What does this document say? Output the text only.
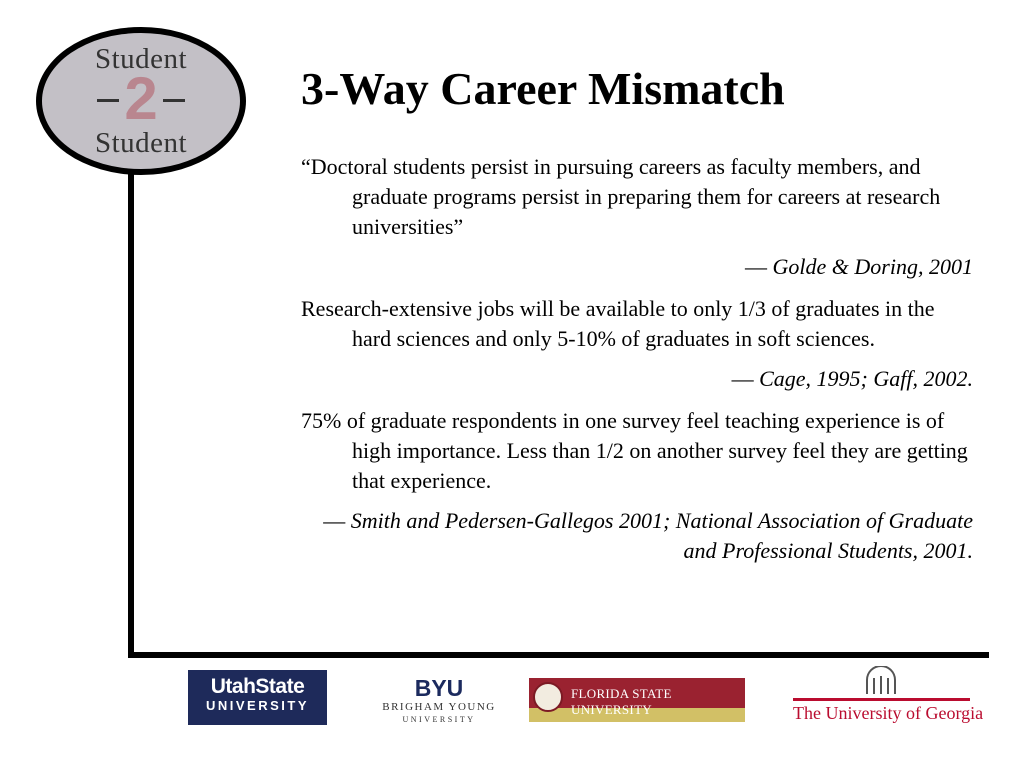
Student
2
Student
3-Way Career Mismatch

“Doctoral students persist in pursuing careers as faculty members, and graduate programs persist in preparing them for careers at research universities”

— Golde & Doring, 2001

Research-extensive jobs will be available to only 1/3 of graduates in the hard sciences and only 5-10% of graduates in soft sciences.

— Cage, 1995; Gaff, 2002.

75% of graduate respondents in one survey feel teaching experience is of high importance. Less than 1/2 on another survey feel they are getting that experience.

— Smith and Pedersen-Gallegos 2001; National Association of Graduate and Professional Students, 2001.

UtahState
UNIVERSITY
BYU
BRIGHAM YOUNG
UNIVERSITY
FLORIDA STATE UNIVERSITY	The University of Georgia
